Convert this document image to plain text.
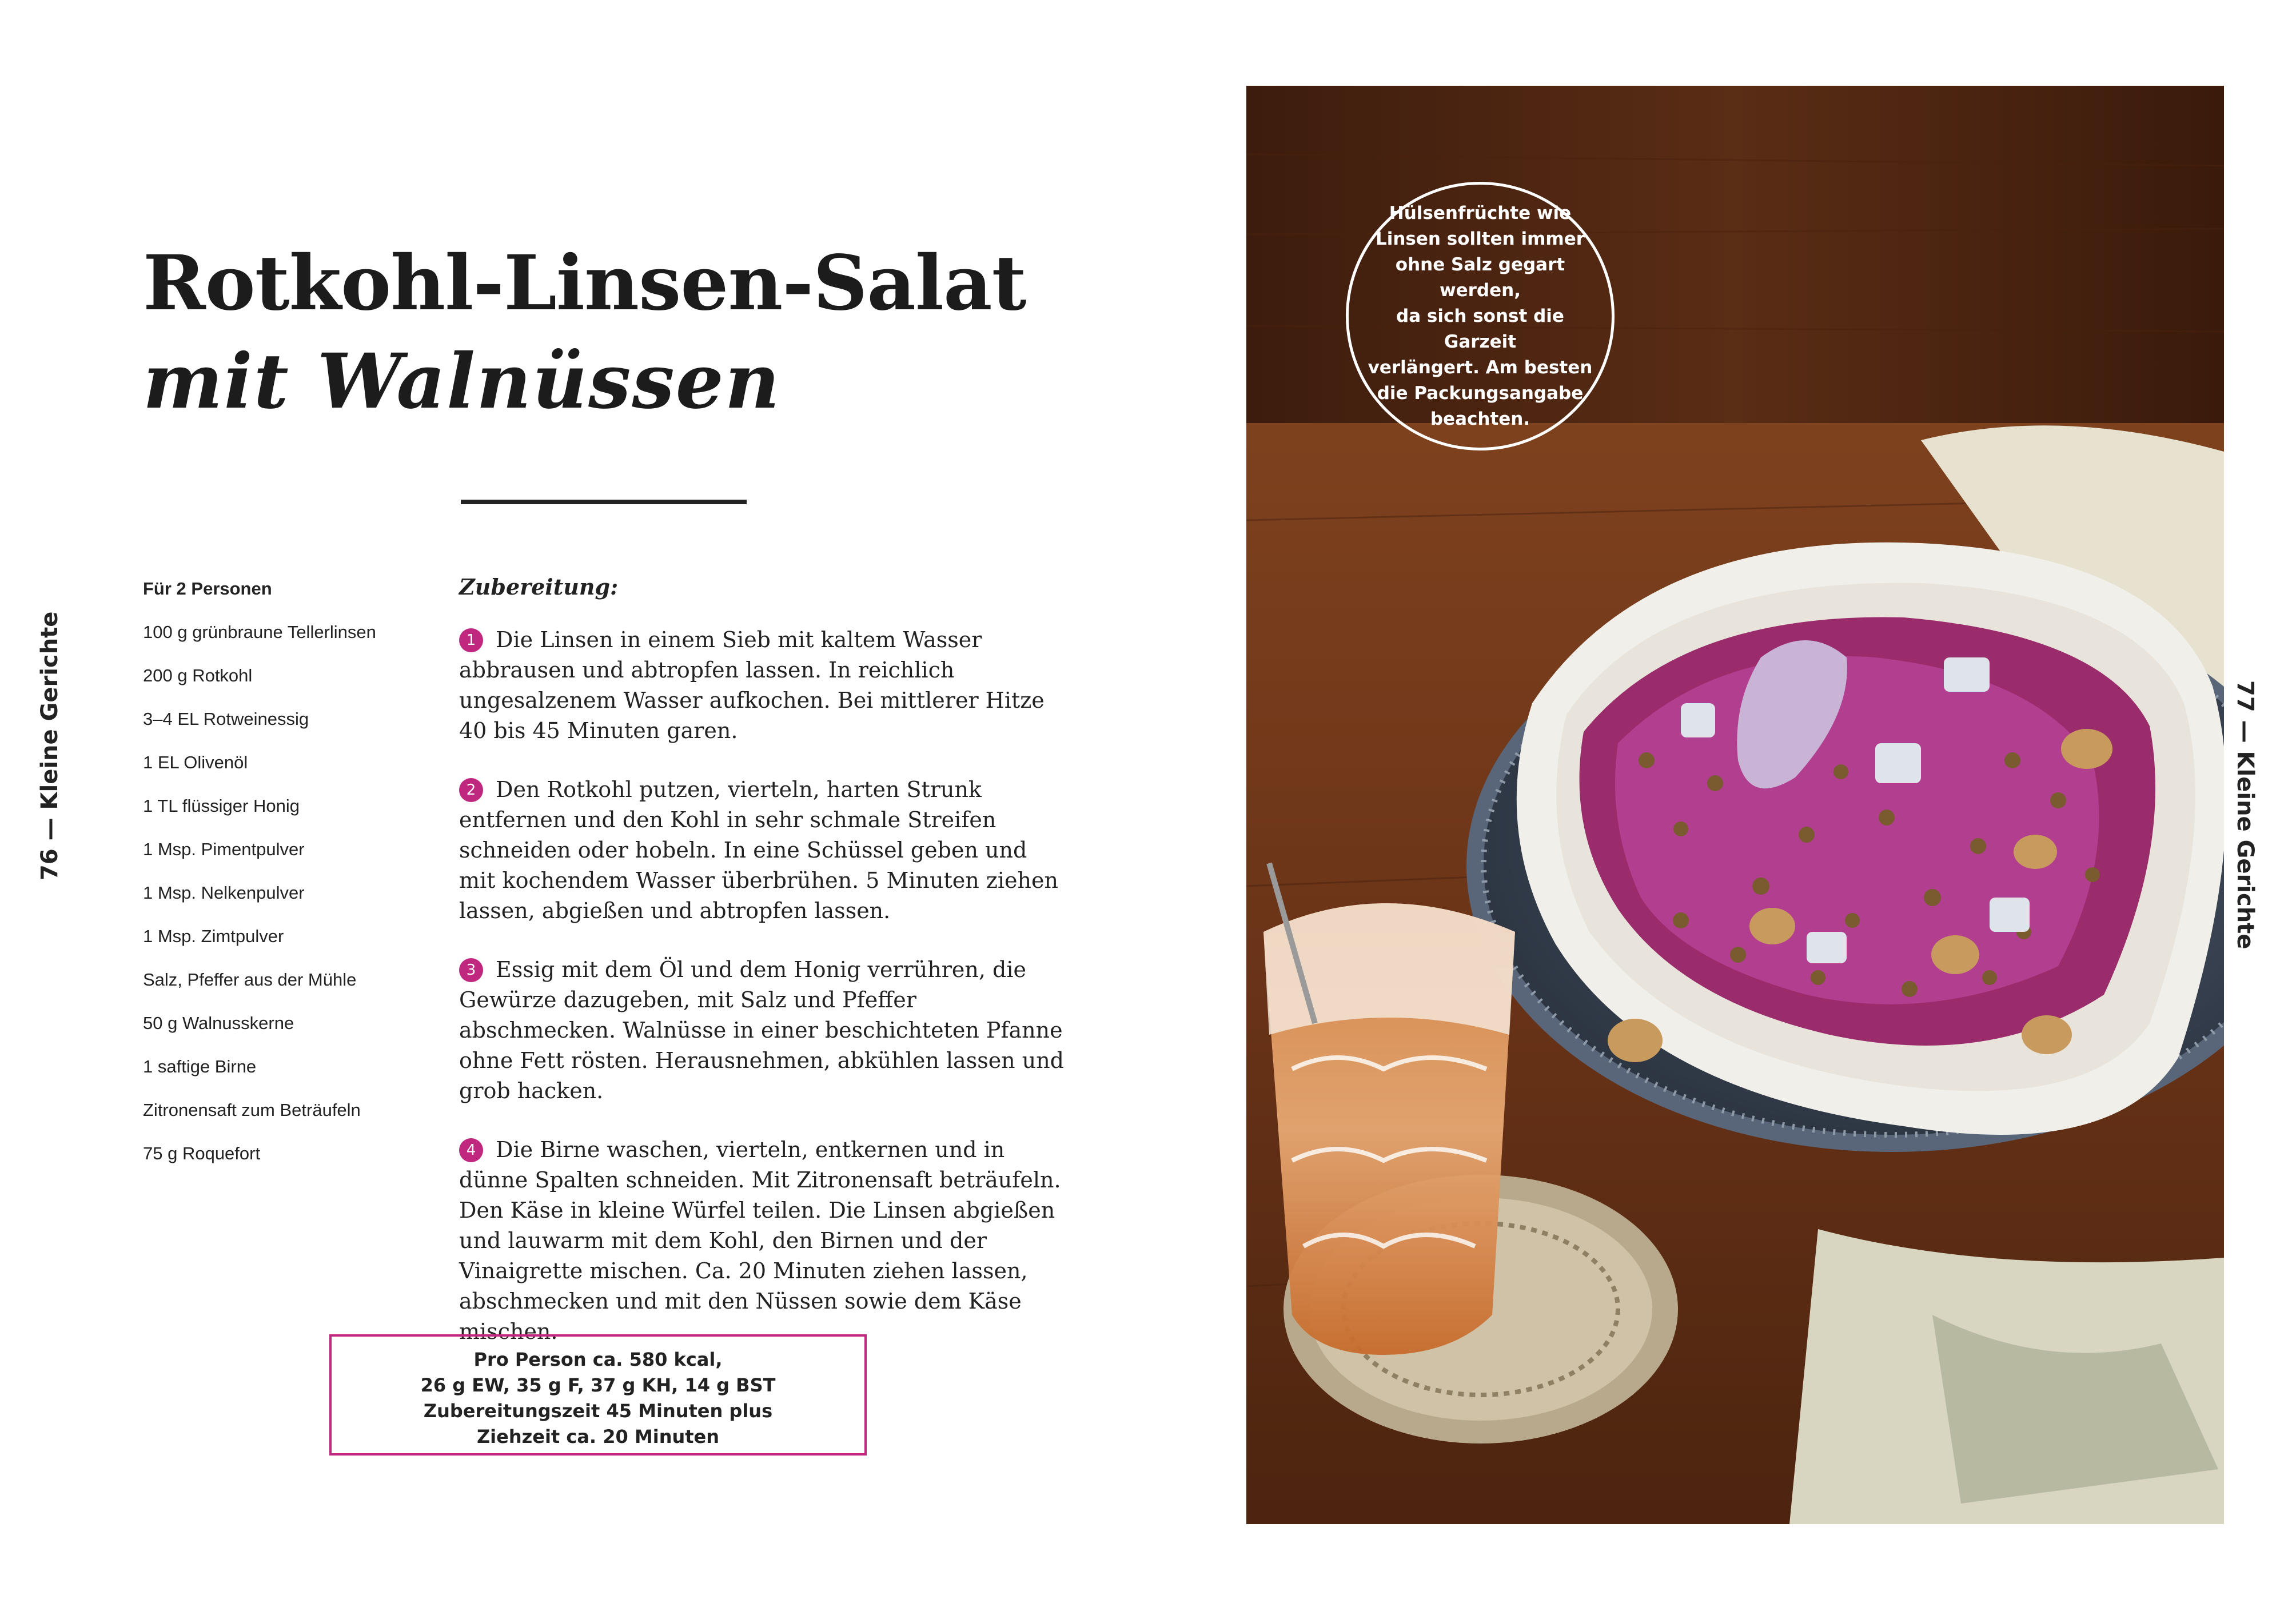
76 — Kleine Gerichte	77 — Kleine Gerichte
Rotkohl-Linsen-Salat
mit Walnüssen
Für 2 Personen
100 g grünbraune Tellerlinsen
200 g Rotkohl
3–4 EL Rotweinessig
1 EL Olivenöl
1 TL flüssiger Honig
1 Msp. Pimentpulver
1 Msp. Nelkenpulver
1 Msp. Zimtpulver
Salz, Pfeffer aus der Mühle
50 g Walnusskerne
1 saftige Birne
Zitronensaft zum Beträufeln
75 g Roquefort
Zubereitung:

1 Die Linsen in einem Sieb mit kaltem Wasser abbrausen und abtropfen lassen. In reichlich ungesalzenem Wasser aufkochen. Bei mittlerer Hitze 40 bis 45 Minuten garen.

2 Den Rotkohl putzen, vierteln, harten Strunk entfernen und den Kohl in sehr schmale Streifen schneiden oder hobeln. In eine Schüssel geben und mit kochendem Wasser überbrühen. 5 Minuten ziehen lassen, abgießen und abtropfen lassen.

3 Essig mit dem Öl und dem Honig verrühren, die Gewürze dazugeben, mit Salz und Pfeffer abschmecken. Walnüsse in einer beschichteten Pfanne ohne Fett rösten. Herausnehmen, abkühlen lassen und grob hacken.

4 Die Birne waschen, vierteln, entkernen und in dünne Spalten schneiden. Mit Zitronensaft beträufeln. Den Käse in kleine Würfel teilen. Die Linsen abgießen und lauwarm mit dem Kohl, den Birnen und der Vinaigrette mischen. Ca. 20 Minuten ziehen lassen, abschmecken und mit den Nüssen sowie dem Käse mischen.

Pro Person ca. 580 kcal,
26 g EW, 35 g F, 37 g KH, 14 g BST
Zubereitungszeit 45 Minuten plus
Ziehzeit ca. 20 Minuten
Hülsenfrüchte wie
Linsen sollten immer
ohne Salz gegart werden,
da sich sonst die Garzeit
verlängert. Am besten
die Packungsangabe
beachten.
